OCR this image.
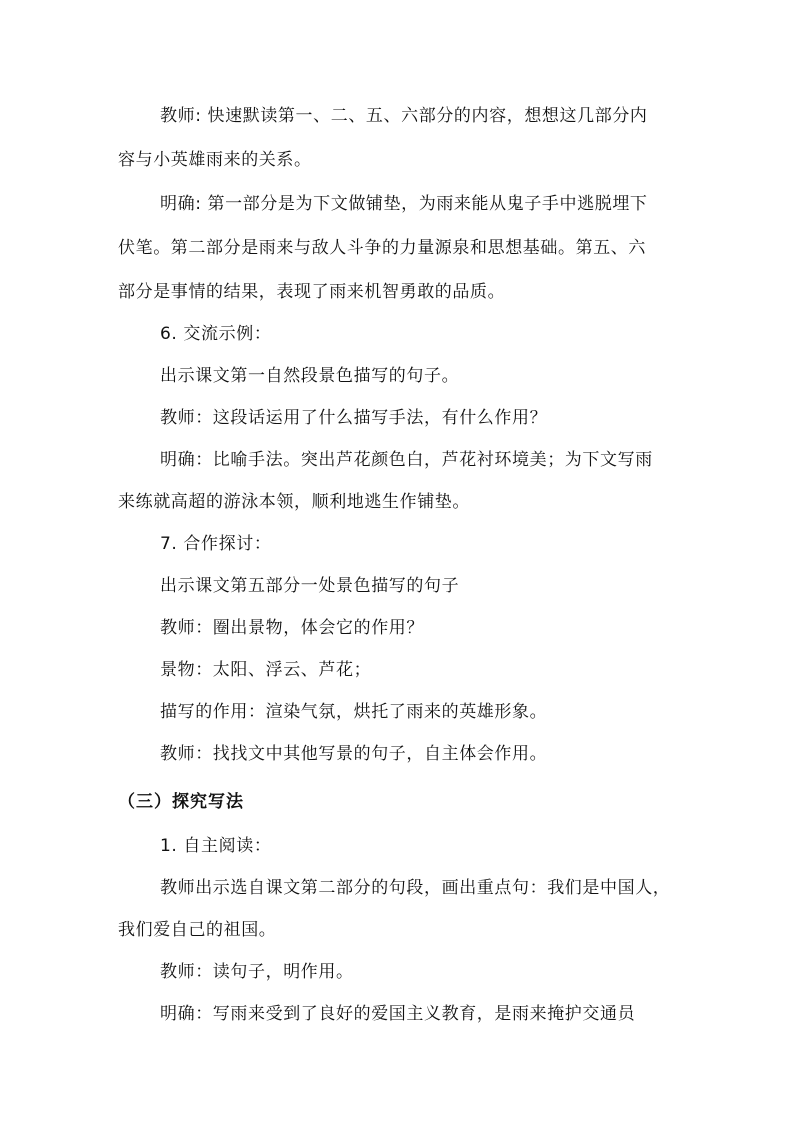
教师: 快速默读第一、二、五、六部分的内容，想想这几部分内
容与小英雄雨来的关系。
明确: 第一部分是为下文做铺垫，为雨来能从鬼子手中逃脱埋下
伏笔。第二部分是雨来与敌人斗争的力量源泉和思想基础。第五、六
部分是事情的结果，表现了雨来机智勇敢的品质。
6. 交流示例：
出示课文第一自然段景色描写的句子。
教师：这段话运用了什么描写手法，有什么作用？
明确：比喻手法。突出芦花颜色白，芦花衬环境美；为下文写雨
来练就高超的游泳本领，顺利地逃生作铺垫。
7. 合作探讨：
出示课文第五部分一处景色描写的句子
教师：圈出景物，体会它的作用？
景物：太阳、浮云、芦花；
描写的作用：渲染气氛，烘托了雨来的英雄形象。
教师：找找文中其他写景的句子，自主体会作用。
（三）探究写法
1. 自主阅读：
教师出示选自课文第二部分的句段，画出重点句：我们是中国人，
我们爱自己的祖国。
教师：读句子，明作用。
明确：写雨来受到了良好的爱国主义教育，是雨来掩护交通员
